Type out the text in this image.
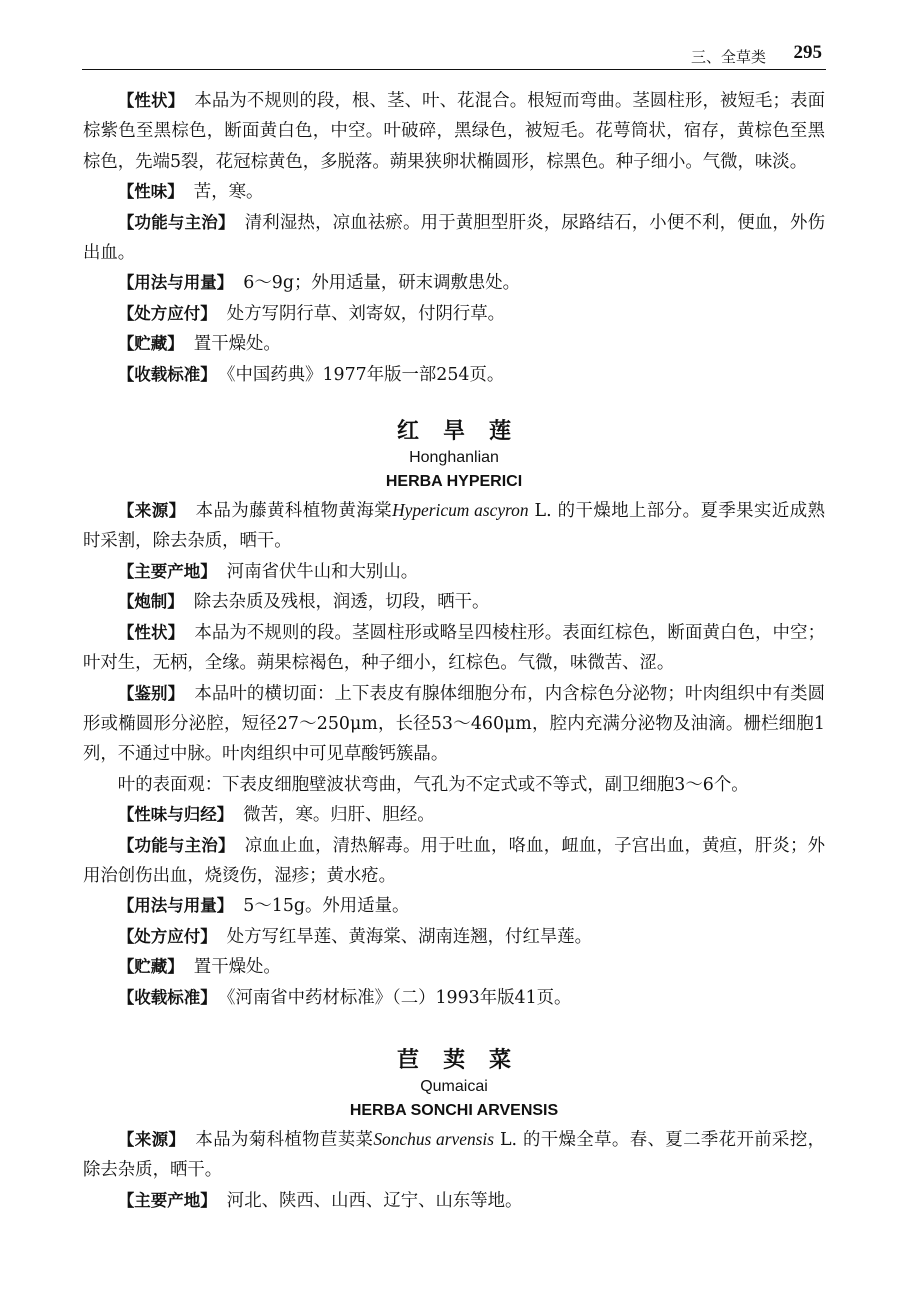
三、全草类 295

【性状】 本品为不规则的段，根、茎、叶、花混合。根短而弯曲。茎圆柱形，被短毛；表面棕紫色至黑棕色，断面黄白色，中空。叶破碎，黑绿色，被短毛。花萼筒状，宿存，黄棕色至黑棕色，先端5裂，花冠棕黄色，多脱落。蒴果狭卵状椭圆形，棕黑色。种子细小。气微，味淡。

【性味】 苦，寒。

【功能与主治】 清利湿热，凉血祛瘀。用于黄胆型肝炎，尿路结石，小便不利，便血，外伤出血。

【用法与用量】 6～9g；外用适量，研末调敷患处。

【处方应付】 处方写阴行草、刘寄奴，付阴行草。

【贮藏】 置干燥处。

【收载标准】 《中国药典》1977年版一部254页。

红旱莲
Honghanlian
HERBA HYPERICI

【来源】 本品为藤黄科植物黄海棠Hypericum ascyron L. 的干燥地上部分。夏季果实近成熟时采割，除去杂质，晒干。

【主要产地】 河南省伏牛山和大别山。

【炮制】 除去杂质及残根，润透，切段，晒干。

【性状】 本品为不规则的段。茎圆柱形或略呈四棱柱形。表面红棕色，断面黄白色，中空；叶对生，无柄，全缘。蒴果棕褐色，种子细小，红棕色。气微，味微苦、涩。

【鉴别】 本品叶的横切面：上下表皮有腺体细胞分布，内含棕色分泌物；叶肉组织中有类圆形或椭圆形分泌腔，短径27～250μm，长径53～460μm，腔内充满分泌物及油滴。栅栏细胞1列，不通过中脉。叶肉组织中可见草酸钙簇晶。

叶的表面观：下表皮细胞壁波状弯曲，气孔为不定式或不等式，副卫细胞3～6个。

【性味与归经】 微苦，寒。归肝、胆经。

【功能与主治】 凉血止血，清热解毒。用于吐血，咯血，衄血，子宫出血，黄疸，肝炎；外用治创伤出血，烧烫伤，湿疹；黄水疮。

【用法与用量】 5～15g。外用适量。

【处方应付】 处方写红旱莲、黄海棠、湖南连翘，付红旱莲。

【贮藏】 置干燥处。

【收载标准】 《河南省中药材标准》（二）1993年版41页。

苣荬菜
Qumaicai
HERBA SONCHI ARVENSIS

【来源】 本品为菊科植物苣荬菜Sonchus arvensis L. 的干燥全草。春、夏二季花开前采挖，除去杂质，晒干。

【主要产地】 河北、陕西、山西、辽宁、山东等地。
